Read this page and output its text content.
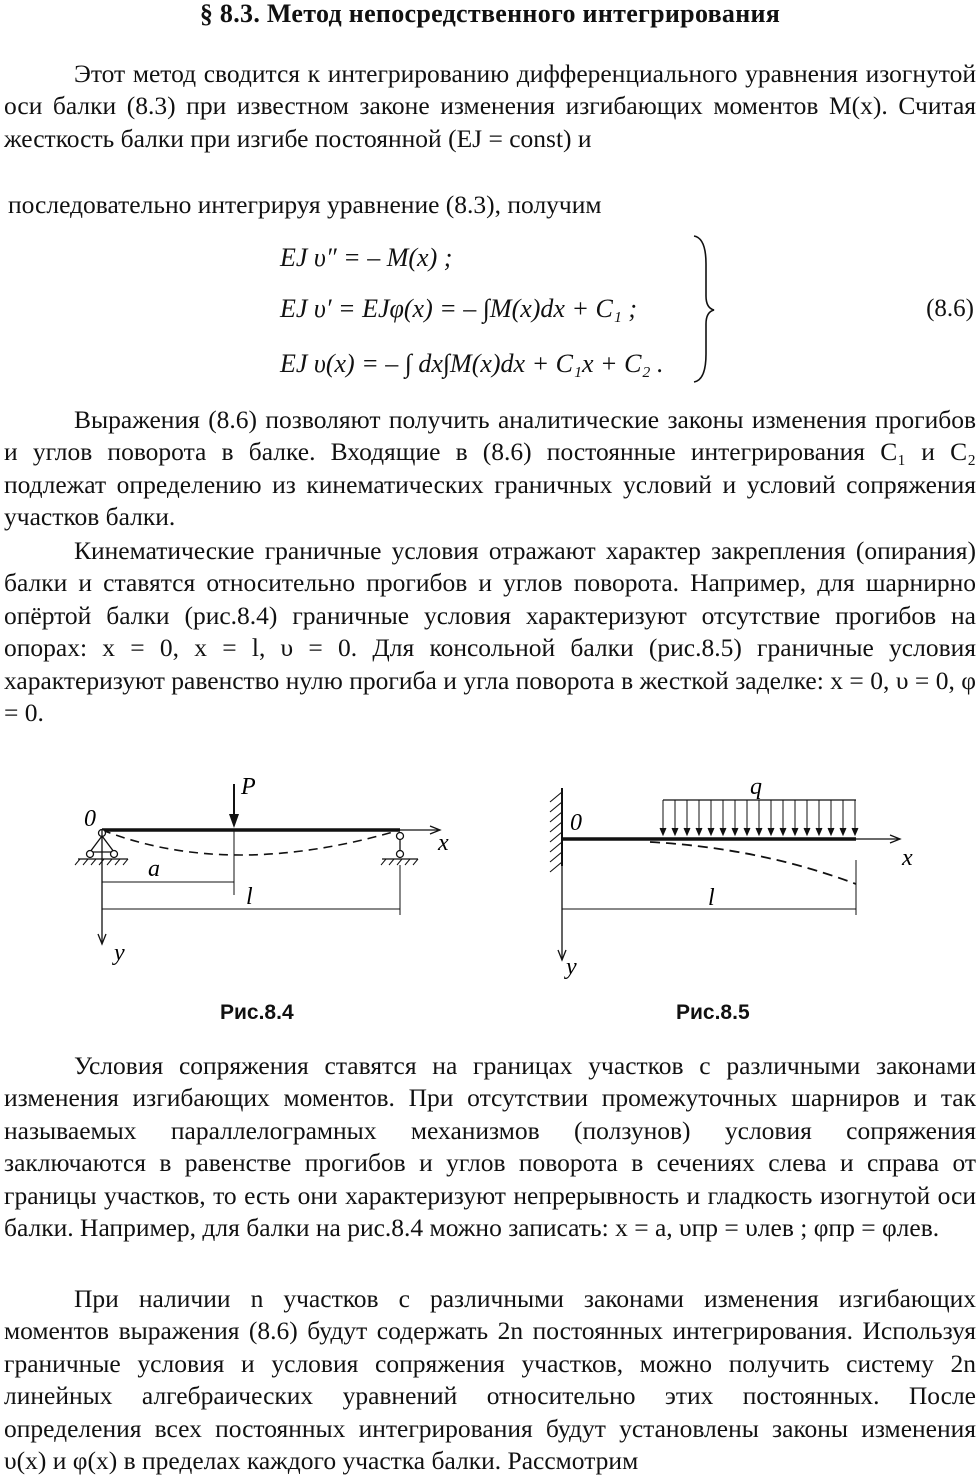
§ 8.3. Метод непосредственного интегрирования

Этот метод сводится к интегрированию дифференциального уравнения изогнутой оси балки (8.3) при известном законе изменения изгибающих моментов M(x). Считая жесткость балки при изгибе постоянной (EJ = const) и

последовательно интегрируя уравнение (8.3), получим

EJ υ″ = – M(x) ;
EJ υ′ = EJφ(x) = – ∫M(x)dx + C₁ ;
EJ υ(x) = – ∫ dx∫M(x)dx + C₁x + C₂ .
(8.6)

Выражения (8.6) позволяют получить аналитические законы изменения прогибов и углов поворота в балке. Входящие в (8.6) постоянные интегрирования C₁ и C₂ подлежат определению из кинематических граничных условий и условий сопряжения участков балки.

Кинематические граничные условия отражают характер закрепления (опирания) балки и ставятся относительно прогибов и углов поворота. Например, для шарнирно опёртой балки (рис.8.4) граничные условия характеризуют отсутствие прогибов на опорах: x = 0, x = l, υ = 0. Для консольной балки (рис.8.5) граничные условия характеризуют равенство нулю прогиба и угла поворота в жесткой заделке: x = 0, υ = 0, φ = 0.

0
P
x
y
a
l
Рис.8.4
0
q
x
y
l
Рис.8.5

Условия сопряжения ставятся на границах участков с различными законами изменения изгибающих моментов. При отсутствии промежуточных шарниров и так называемых параллелограмных механизмов (ползунов) условия сопряжения заключаются в равенстве прогибов и углов поворота в сечениях слева и справа от границы участков, то есть они характеризуют непрерывность и гладкость изогнутой оси балки. Например, для балки на рис.8.4 можно записать: x = a, υпр = υлев ; φпр = φлев.

При наличии n участков с различными законами изменения изгибающих моментов выражения (8.6) будут содержать 2n постоянных интегрирования. Используя граничные условия и условия сопряжения участков, можно получить систему 2n линейных алгебраических уравнений относительно этих постоянных. После определения всех постоянных интегрирования будут установлены законы изменения υ(x) и φ(x) в пределах каждого участка балки. Рассмотрим
